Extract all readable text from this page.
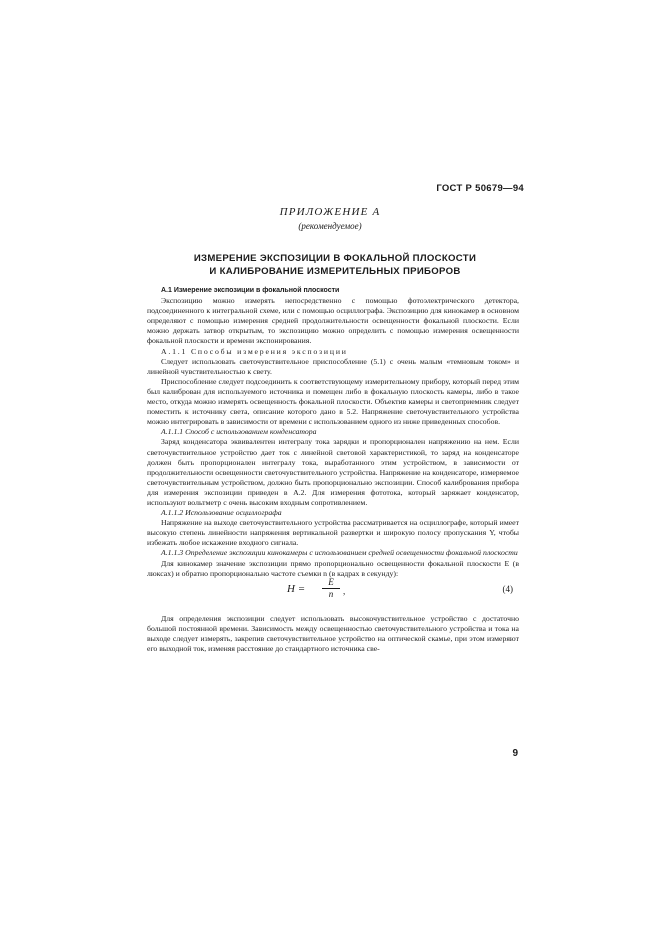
ГОСТ Р 50679—94
ПРИЛОЖЕНИЕ А
(рекомендуемое)
ИЗМЕРЕНИЕ ЭКСПОЗИЦИИ В ФОКАЛЬНОЙ ПЛОСКОСТИ
И КАЛИБРОВАНИЕ ИЗМЕРИТЕЛЬНЫХ ПРИБОРОВ

А.1 Измерение экспозиции в фокальной плоскости

Экспозицию можно измерять непосредственно с помощью фотоэлектрического детектора, подсоединенного к интегральной схеме, или с помощью осциллографа. Экспозицию для кинокамер в основном определяют с помощью измерения средней продолжительности освещенности фокальной плоскости. Если можно держать затвор открытым, то экспозицию можно определить с помощью измерения освещенности фокальной плоскости и времени экспонирования.

А.1.1 Способы измерения экспозиции

Следует использовать светочувствительное приспособление (5.1) с очень малым «темновым током» и линейной чувствительностью к свету.

Приспособление следует подсоединить к соответствующему измерительному прибору, который перед этим был калиброван для используемого источника и помещен либо в фокальную плоскость камеры, либо в такое место, откуда можно измерять освещенность фокальной плоскости. Объектив камеры и светоприемник следует поместить к источнику света, описание которого дано в 5.2. Напряжение светочувствительного устройства можно интегрировать в зависимости от времени с использованием одного из ниже приведенных способов.

А.1.1.1 Способ с использованием конденсатора

Заряд конденсатора эквивалентен интегралу тока зарядки и пропорционален напряжению на нем. Если светочувствительное устройство дает ток с линейной световой характеристикой, то заряд на конденсаторе должен быть пропорционален интегралу тока, выработанного этим устройством, в зависимости от продолжительности освещенности светочувствительного устройства. Напряжение на конденсаторе, измеряемое светочувствительным устройством, должно быть пропорционально экспозиции. Способ калибрования прибора для измерения экспозиции приведен в А.2. Для измерения фототока, который заряжает конденсатор, используют вольтметр с очень высоким входным сопротивлением.

А.1.1.2 Использование осциллографа

Напряжение на выходе светочувствительного устройства рассматривается на осциллографе, который имеет высокую степень линейности напряжения вертикальной развертки и широкую полосу пропускания Y, чтобы избежать любое искажение входного сигнала.

А.1.1.3 Определение экспозиции кинокамеры с использованием средней освещенности фокальной плоскости

Для кинокамер значение экспозиции прямо пропорционально освещенности фокальной плоскости E (в люксах) и обратно пропорционально частоте съемки n (в кадрах в секунду):

$H = \frac{E}{n}$ ,	(4)

Для определения экспозиции следует использовать высокочувствительное устройство с достаточно большой постоянной времени. Зависимость между освещенностью светочувствительного устройства и тока на выходе следует измерять, закрепив светочувствительное устройство на оптической скамье, при этом измеряют его выходной ток, изменяя расстояние до стандартного источника све-

9
